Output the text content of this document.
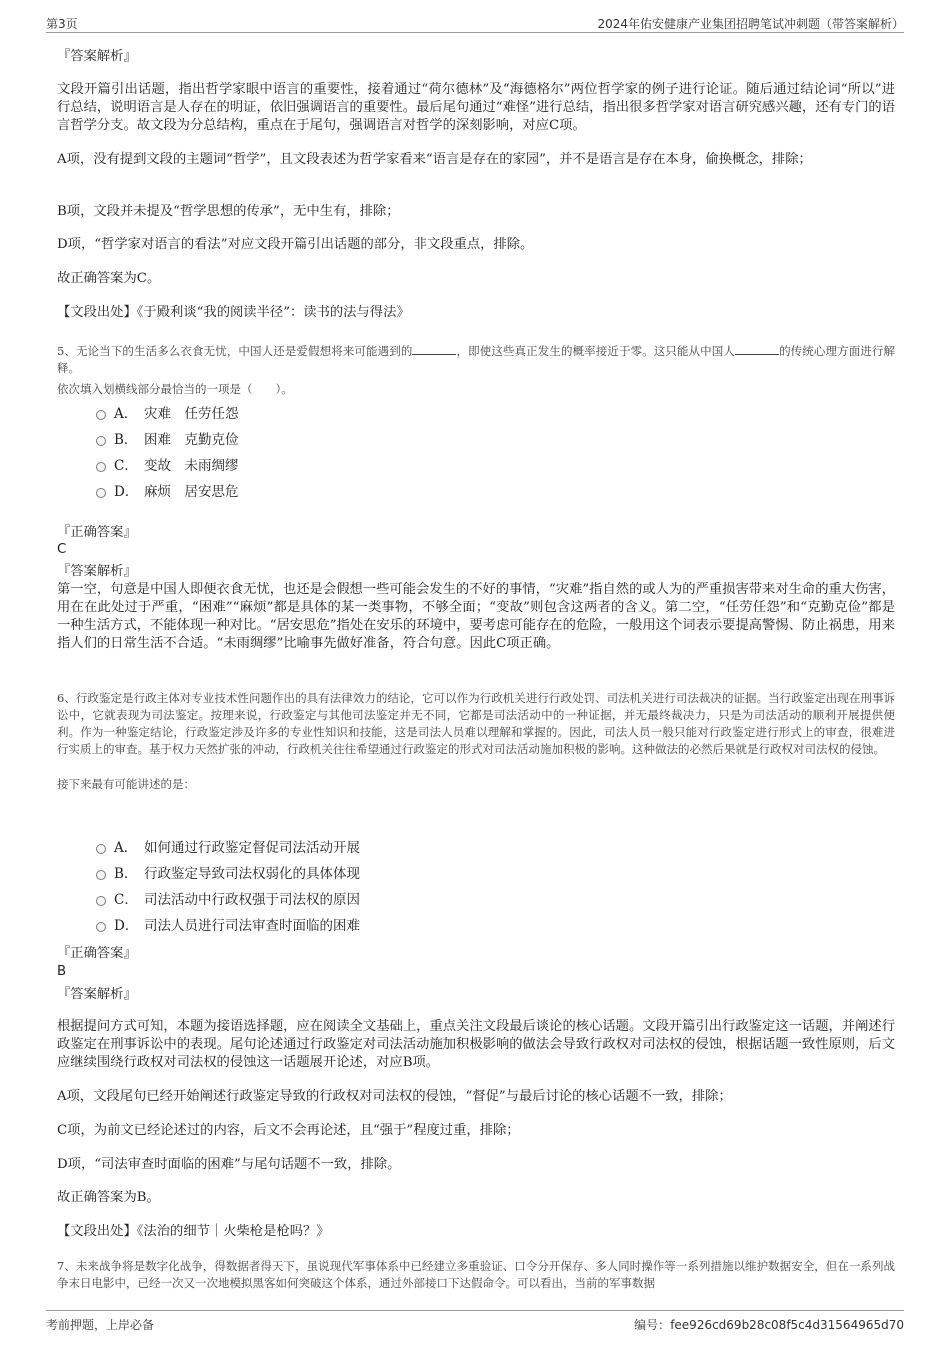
第3页	2024年佑安健康产业集团招聘笔试冲刺题（带答案解析）
『答案解析』
文段开篇引出话题，指出哲学家眼中语言的重要性，接着通过“荷尔德林”及“海德格尔”两位哲学家的例子进行论证。随后通过结论词“所以”进行总结，说明语言是人存在的明证，依旧强调语言的重要性。最后尾句通过“难怪”进行总结，指出很多哲学家对语言研究感兴趣，还有专门的语言哲学分支。故文段为分总结构，重点在于尾句，强调语言对哲学的深刻影响，对应C项。
A项，没有提到文段的主题词“哲学”，且文段表述为哲学家看来“语言是存在的家园”，并不是语言是存在本身，偷换概念，排除；
B项，文段并未提及“哲学思想的传承”，无中生有，排除；
D项，“哲学家对语言的看法”对应文段开篇引出话题的部分，非文段重点，排除。
故正确答案为C。
【文段出处】《于殿利谈“我的阅读半径”：读书的法与得法》
5、无论当下的生活多么衣食无忧，中国人还是爱假想将来可能遇到的	，即使这些真正发生的概率接近于零。这只能从中国人	的传统心理方面进行解释。
依次填入划横线部分最恰当的一项是（　　）。
A． 灾难　任劳任怨
B． 困难　克勤克俭
C． 变故　未雨绸缪
D． 麻烦　居安思危
『正确答案』
C
『答案解析』
第一空，句意是中国人即便衣食无忧，也还是会假想一些可能会发生的不好的事情，“灾难”指自然的或人为的严重损害带来对生命的重大伤害，用在在此处过于严重，“困难”“麻烦”都是具体的某一类事物，不够全面；“变故”则包含这两者的含义。第二空，“任劳任怨”和“克勤克俭”都是一种生活方式，不能体现一种对比。“居安思危”指处在安乐的环境中，要考虑可能存在的危险，一般用这个词表示要提高警惕、防止祸患，用来指人们的日常生活不合适。“未雨绸缪”比喻事先做好准备，符合句意。因此C项正确。
6、行政鉴定是行政主体对专业技术性问题作出的具有法律效力的结论，它可以作为行政机关进行行政处罚、司法机关进行司法裁决的证据。当行政鉴定出现在刑事诉讼中，它就表现为司法鉴定。按理来说，行政鉴定与其他司法鉴定并无不同，它都是司法活动中的一种证据，并无最终裁决力，只是为司法活动的顺利开展提供便利。作为一种鉴定结论，行政鉴定涉及许多的专业性知识和技能，这是司法人员难以理解和掌握的。因此，司法人员一般只能对行政鉴定进行形式上的审查，很难进行实质上的审查。基于权力天然扩张的冲动，行政机关往往希望通过行政鉴定的形式对司法活动施加积极的影响。这种做法的必然后果就是行政权对司法权的侵蚀。
接下来最有可能讲述的是：
A． 如何通过行政鉴定督促司法活动开展
B． 行政鉴定导致司法权弱化的具体体现
C． 司法活动中行政权强于司法权的原因
D． 司法人员进行司法审查时面临的困难
『正确答案』
B
『答案解析』
根据提问方式可知，本题为接语选择题，应在阅读全文基础上，重点关注文段最后谈论的核心话题。文段开篇引出行政鉴定这一话题，并阐述行政鉴定在刑事诉讼中的表现。尾句论述通过行政鉴定对司法活动施加积极影响的做法会导致行政权对司法权的侵蚀，根据话题一致性原则，后文应继续围绕行政权对司法权的侵蚀这一话题展开论述，对应B项。
A项，文段尾句已经开始阐述行政鉴定导致的行政权对司法权的侵蚀，“督促”与最后讨论的核心话题不一致，排除；
C项，为前文已经论述过的内容，后文不会再论述，且“强于”程度过重，排除；
D项，“司法审查时面临的困难”与尾句话题不一致，排除。
故正确答案为B。
【文段出处】《法治的细节｜火柴枪是枪吗？》
7、未来战争将是数字化战争，得数据者得天下，虽说现代军事体系中已经建立多重验证、口令分开保存、多人同时操作等一系列措施以维护数据安全，但在一系列战争末日电影中，已经一次又一次地模拟黑客如何突破这个体系，通过外部接口下达假命令。可以看出，当前的军事数据
考前押题，上岸必备	编号：fee926cd69b28c08f5c4d31564965d70
